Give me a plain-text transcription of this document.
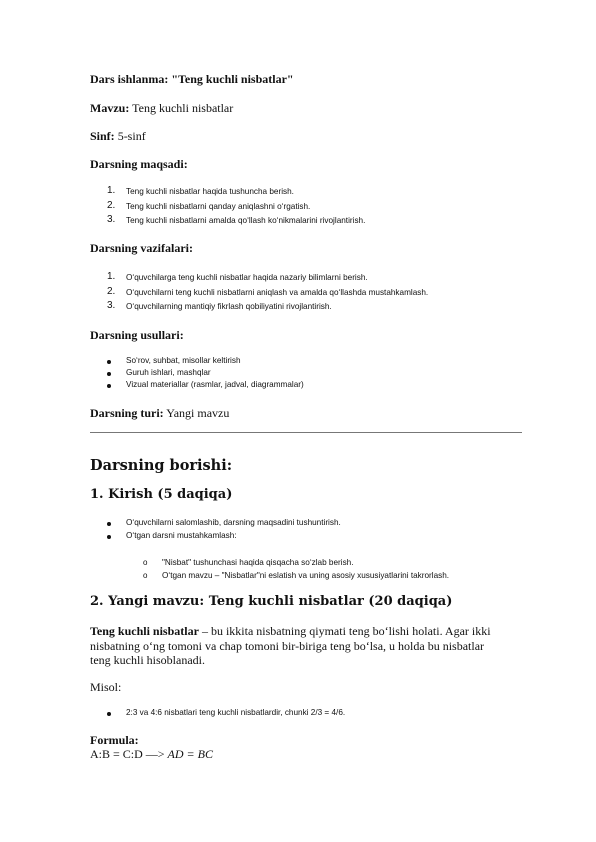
Dars ishlanma: "Teng kuchli nisbatlar"
Mavzu: Teng kuchli nisbatlar
Sinf: 5-sinf
Darsning maqsadi:
1. Teng kuchli nisbatlar haqida tushuncha berish.
2. Teng kuchli nisbatlarni qanday aniqlashni o‘rgatish.
3. Teng kuchli nisbatlarni amalda qo‘llash ko‘nikmalarini rivojlantirish.
Darsning vazifalari:
1. O‘quvchilarga teng kuchli nisbatlar haqida nazariy bilimlarni berish.
2. O‘quvchilarni teng kuchli nisbatlarni aniqlash va amalda qo‘llashda mustahkamlash.
3. O‘quvchilarning mantiqiy fikrlash qobiliyatini rivojlantirish.
Darsning usullari:
So‘rov, suhbat, misollar keltirish
Guruh ishlari, mashqlar
Vizual materiallar (rasmlar, jadval, diagrammalar)
Darsning turi: Yangi mavzu
Darsning borishi:
1. Kirish (5 daqiqa)
O‘quvchilarni salomlashib, darsning maqsadini tushuntirish.
O‘tgan darsni mustahkamlash:
o "Nisbat" tushunchasi haqida qisqacha so‘zlab berish.
o O‘tgan mavzu – "Nisbatlar"ni eslatish va uning asosiy xususiyatlarini takrorlash.
2. Yangi mavzu: Teng kuchli nisbatlar (20 daqiqa)
Teng kuchli nisbatlar – bu ikkita nisbatning qiymati teng bo‘lishi holati. Agar ikki
nisbatning o‘ng tomoni va chap tomoni bir-biriga teng bo‘lsa, u holda bu nisbatlar
teng kuchli hisoblanadi.
Misol:
2:3 va 4:6 nisbatlari teng kuchli nisbatlardir, chunki 2/3 = 4/6.
Formula:
A:B = C:D —> AD = BC
